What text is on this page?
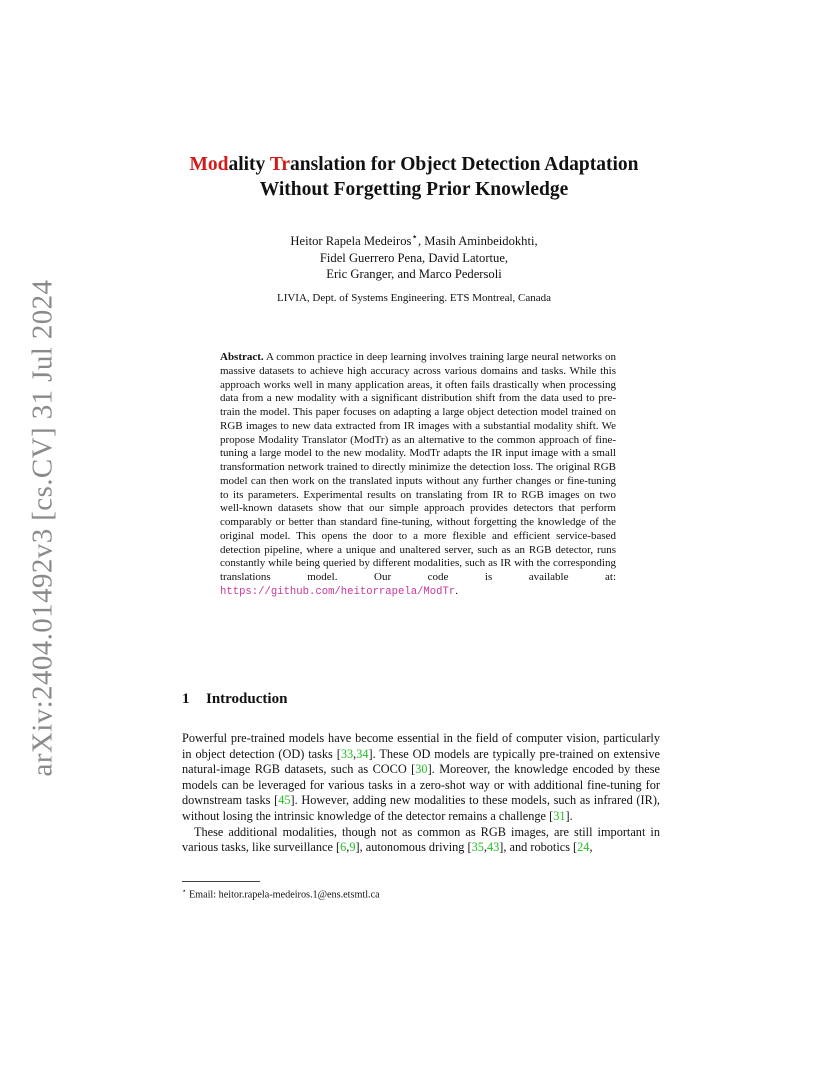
arXiv:2404.01492v3 [cs.CV] 31 Jul 2024
Modality Translation for Object Detection Adaptation
Without Forgetting Prior Knowledge
Heitor Rapela Medeiros⋆, Masih Aminbeidokhti,
Fidel Guerrero Pena, David Latortue,
Eric Granger, and Marco Pedersoli
LIVIA, Dept. of Systems Engineering. ETS Montreal, Canada
Abstract. A common practice in deep learning involves training large neural networks on massive datasets to achieve high accuracy across various domains and tasks. While this approach works well in many application areas, it often fails drastically when processing data from a new modality with a significant distribution shift from the data used to pre-train the model. This paper focuses on adapting a large object detection model trained on RGB images to new data extracted from IR images with a substantial modality shift. We propose Modality Translator (ModTr) as an alternative to the common approach of fine-tuning a large model to the new modality. ModTr adapts the IR input image with a small transformation network trained to directly minimize the detection loss. The original RGB model can then work on the translated inputs without any further changes or fine-tuning to its parameters. Experimental results on translating from IR to RGB images on two well-known datasets show that our simple approach provides detectors that perform comparably or better than standard fine-tuning, without forgetting the knowledge of the original model. This opens the door to a more flexible and efficient service-based detection pipeline, where a unique and unaltered server, such as an RGB detector, runs constantly while being queried by different modalities, such as IR with the corresponding translations model. Our code is available at: https://github.com/heitorrapela/ModTr.
1 Introduction

Powerful pre-trained models have become essential in the field of computer vision, particularly in object detection (OD) tasks [33,34]. These OD models are typically pre-trained on extensive natural-image RGB datasets, such as COCO [30]. Moreover, the knowledge encoded by these models can be leveraged for various tasks in a zero-shot way or with additional fine-tuning for downstream tasks [45]. However, adding new modalities to these models, such as infrared (IR), without losing the intrinsic knowledge of the detector remains a challenge [31].

These additional modalities, though not as common as RGB images, are still important in various tasks, like surveillance [6,9], autonomous driving [35,43], and robotics [24,

⋆ Email: heitor.rapela-medeiros.1@ens.etsmtl.ca
